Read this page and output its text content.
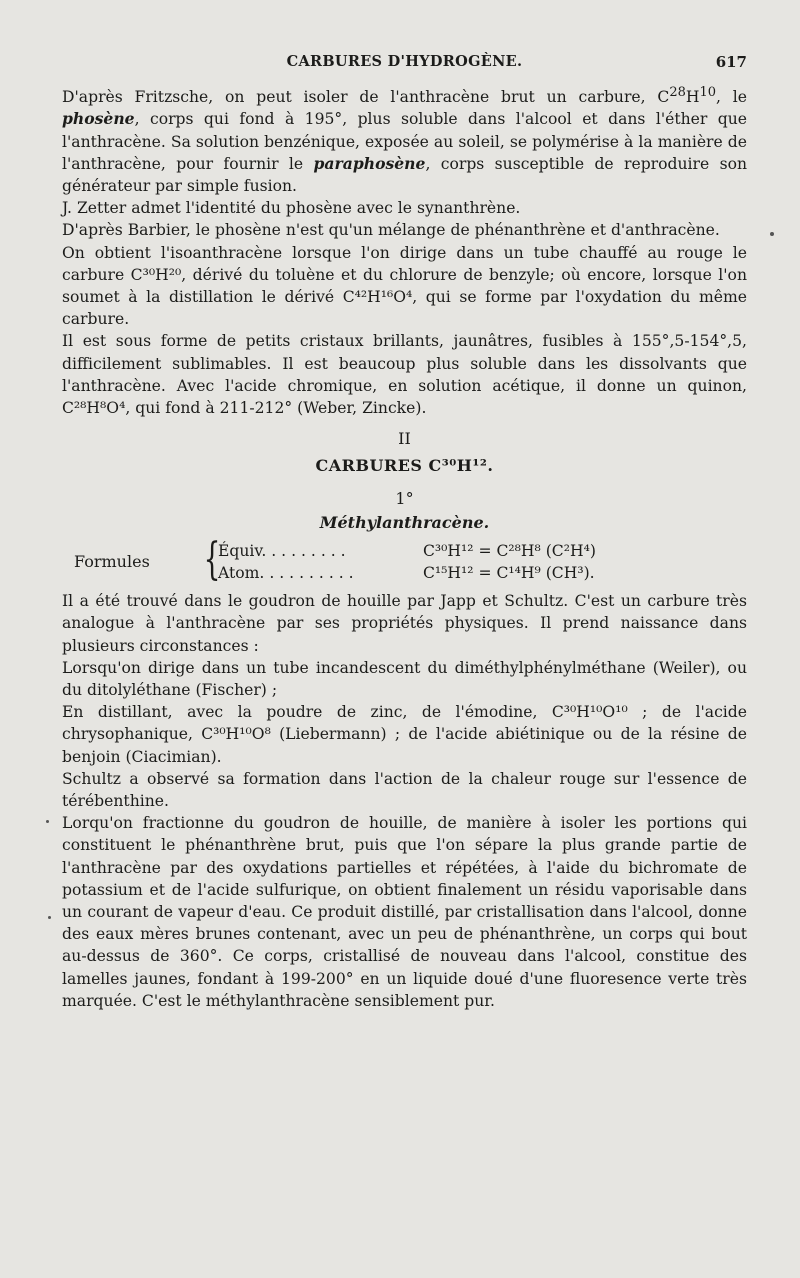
CARBURES D'HYDROGÈNE.	617

D'après Fritzsche, on peut isoler de l'anthracène brut un carbure, $C^{28}H^{10}$, le phosène, corps qui fond à 195°, plus soluble dans l'alcool et dans l'éther que l'anthracène. Sa solution benzénique, exposée au soleil, se polymérise à la manière de l'anthracène, pour fournir le paraphosène, corps susceptible de reproduire son générateur par simple fusion.

J. Zetter admet l'identité du phosène avec le synanthrène.

D'après Barbier, le phosène n'est qu'un mélange de phénanthrène et d'anthracène.

On obtient l'isoanthracène lorsque l'on dirige dans un tube chauffé au rouge le carbure C³⁰H²⁰, dérivé du toluène et du chlorure de benzyle; où encore, lorsque l'on soumet à la distillation le dérivé C⁴²H¹⁶O⁴, qui se forme par l'oxydation du même carbure.

Il est sous forme de petits cristaux brillants, jaunâtres, fusibles à 155°,5-154°,5, difficilement sublimables. Il est beaucoup plus soluble dans les dissolvants que l'anthracène. Avec l'acide chromique, en solution acétique, il donne un quinon, C²⁸H⁸O⁴, qui fond à 211-212° (Weber, Zincke).

II

CARBURES C³⁰H¹².

1°

Méthylanthracène.

Formules {
Équiv. . . . . . . . .	C³⁰H¹² = C²⁸H⁸ (C²H⁴)
Atom. . . . . . . . . .	C¹⁵H¹² = C¹⁴H⁹ (CH³).

Il a été trouvé dans le goudron de houille par Japp et Schultz. C'est un carbure très analogue à l'anthracène par ses propriétés physiques. Il prend naissance dans plusieurs circonstances :

Lorsqu'on dirige dans un tube incandescent du diméthylphénylméthane (Weiler), ou du ditolyléthane (Fischer) ;

En distillant, avec la poudre de zinc, de l'émodine, C³⁰H¹⁰O¹⁰ ; de l'acide chrysophanique, C³⁰H¹⁰O⁸ (Liebermann) ; de l'acide abiétinique ou de la résine de benjoin (Ciacimian).

Schultz a observé sa formation dans l'action de la chaleur rouge sur l'essence de térébenthine.

Lorqu'on fractionne du goudron de houille, de manière à isoler les portions qui constituent le phénanthrène brut, puis que l'on sépare la plus grande partie de l'anthracène par des oxydations partielles et répétées, à l'aide du bichromate de potassium et de l'acide sulfurique, on obtient finalement un résidu vaporisable dans un courant de vapeur d'eau. Ce produit distillé, par cristallisation dans l'alcool, donne des eaux mères brunes contenant, avec un peu de phénanthrène, un corps qui bout au-dessus de 360°. Ce corps, cristallisé de nouveau dans l'alcool, constitue des lamelles jaunes, fondant à 199-200° en un liquide doué d'une fluoresence verte très marquée. C'est le méthylanthracène sensiblement pur.
